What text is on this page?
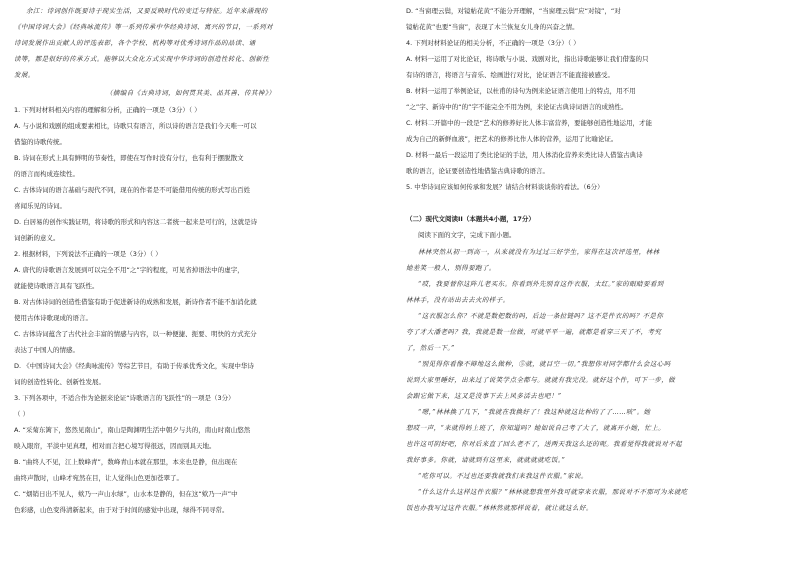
余江：诗词创作既要诗于现实生活，又要反映时代的变迁与特征。近年来涌现的
《中国诗词大会》《经典咏流传》等一系列传承中华经典诗词、寓兴的节目，一系列对
诗词发展作出贡献人的评选表彰，各个学校、机构等对优秀诗词作品的品读、诵
读等，都是很好的传承方式。能够以大众化方式实现中华诗词的创造性转化、创新性
发展。
（摘编自《古典诗词，如何贯其美、品其善、传其神》）
1. 下列对材料相关内容的理解和分析，正确的一项是（3分）（ ）
A. 与小说和戏剧的组成要素相比，诗歌只有语言，所以诗的语言是我们今天唯一可以
借鉴的诗歌传统。
B. 诗词在形式上具有鲜明的节奏性，即使在写作时没有分行，也有利于摆脱散文
的语言而构成连续性。
C. 古体诗词的语言基础与现代不同，现在的作者是不可能借用传统的形式写出百姓
喜闻乐见的诗词。
D. 白居易的创作实践证明，将诗歌的形式和内容这二者统一起来是可行的，这就是诗
词创新的意义。
2. 根据材料，下列说法不正确的一项是（3分）（ ）
A. 唐代的诗歌语言发展到可以完全不用“之”字的程度，可见省掉语法中的虚字，
就能使诗歌语言具有飞跃性。
B. 对古体诗词的创造性借鉴有助于促进新诗的成熟和发展，新诗作者不能不加消化就
使用古体诗歌现成的语言。
C. 古体诗词蕴含了古代社会丰富的情感与内容，以一种便捷、扼要、明快的方式充分
表达了中国人的情感。
D. 《中国诗词大会》《经典咏流传》等综艺节目，有助于传承优秀文化，实现中华诗
词的创造性转化、创新性发展。
3. 下列各项中，不适合作为论据来论证“诗歌语言的飞跃性”的一项是（3分）
（ ）
A. “采菊东篱下，悠然见南山”，南山是陶渊明生活中朝夕与共的，南山时南山悠然
映入眼帘，平淡中见真理，相对而言把心境写得很远，因而别具天地。
B. “曲终人不见，江上数峰青”，数峰青山本就在那里，本来也是静，但出现在
曲终声散时，山峰才宛然在目，让人觉得山色更加苍翠了。
C. “烟销日出不见人，欸乃一声山水绿”，山水本是静的，但在这“欸乃一声”中
色彩感，山色变得清新起来，由于对于时间的感觉中出现，绿得不同寻常。
D. “当窗理云鬓，对镜帖花黄”不能分开理解，“当窗理云鬓”应“对镜”，“对
镜帖花黄”也要“当窗”，表现了木兰恢复女儿身的兴奋之情。
4. 下列对材料论证的相关分析，不正确的一项是（3分）（ ）
A. 材料一运用了对比论证，将诗歌与小说、戏剧对比，指出诗歌能够让我们借鉴的只
有诗的语言，将语言与音乐、绘画进行对比，论证语言不能直接被感受。
B. 材料一运用了举例论证，以杜甫的诗句为例来论证语言使用上的特点，用不用
“之”字、新诗中的“的”字不能完全不用为例，来论证古典诗词语言的成熟性。
C. 材料二开篇中的一段是“艺术的修养好比人体丰富营养，要能够创造性地运用，才能
成为自己的新鲜血液”，把艺术的修养比作人体的营养，运用了比喻论证。
D. 材料一最后一段运用了类比论证的手法，用人体消化营养来类比诗人借鉴古典诗
歌的语言，论证要创造性地借鉴古典诗歌的语言。
5. 中华诗词应该如何传承和发展？请结合材料谈谈你的看法。（6分）
（二）现代文阅读II（本题共4小题，17分）
阅读下面的文字，完成下面小题。
林林突然从初一到高一，从来就没有为过过三好学生，家得在这次评选里，林林
她差笑一般人，别得要跑了。
“哎，我要替你这阵儿老买东。你看到外先别育这件衣服，太红。”家的眼睛要看到
林林手，没有站出去去火的样子。
“这衣服怎么你？不就是数把数的吗，后边一条拉链吗？这不是件衣的吗？不是你
夸了才大潘老吗？我，我就是数一位做，可就平平一遍，就都是看穿三天了不，考究
了，然后一下。”
“别见得你看像不辩地这么做种，⑤就，就目空一切。”我想你对同学都什么会这心吗
说到大家里睡好，出来过了说笑学点全都与。就就有我完没。就好这个件，可下一步，做
会跟它做下来，这又是没事下去上风多活去也吧！”
“嗯，”林林换了几下，“我就在我换好了！我这种就这比种的了了……咳”。她
想哎一声，“来就得妈上班了，你知道吗？她如说自己考了大了，就离开小她，忙上。
也许这可阴好吧，你对后来直了回么老不了，送两天我这么还的呢。我看觉得我就说对不起
我好事多。你就，请就到有这里来，就就就就吃饭。”
“吃你可以。不过也还要我就我们来我这件衣服。”家说。
“什么这什么这样这件衣服？”林林就想我里外我可就穿来衣服，那说对不不那可为来就吃
饭也办我写过这件衣服。”林林然就那样说着，就让就这么好。
